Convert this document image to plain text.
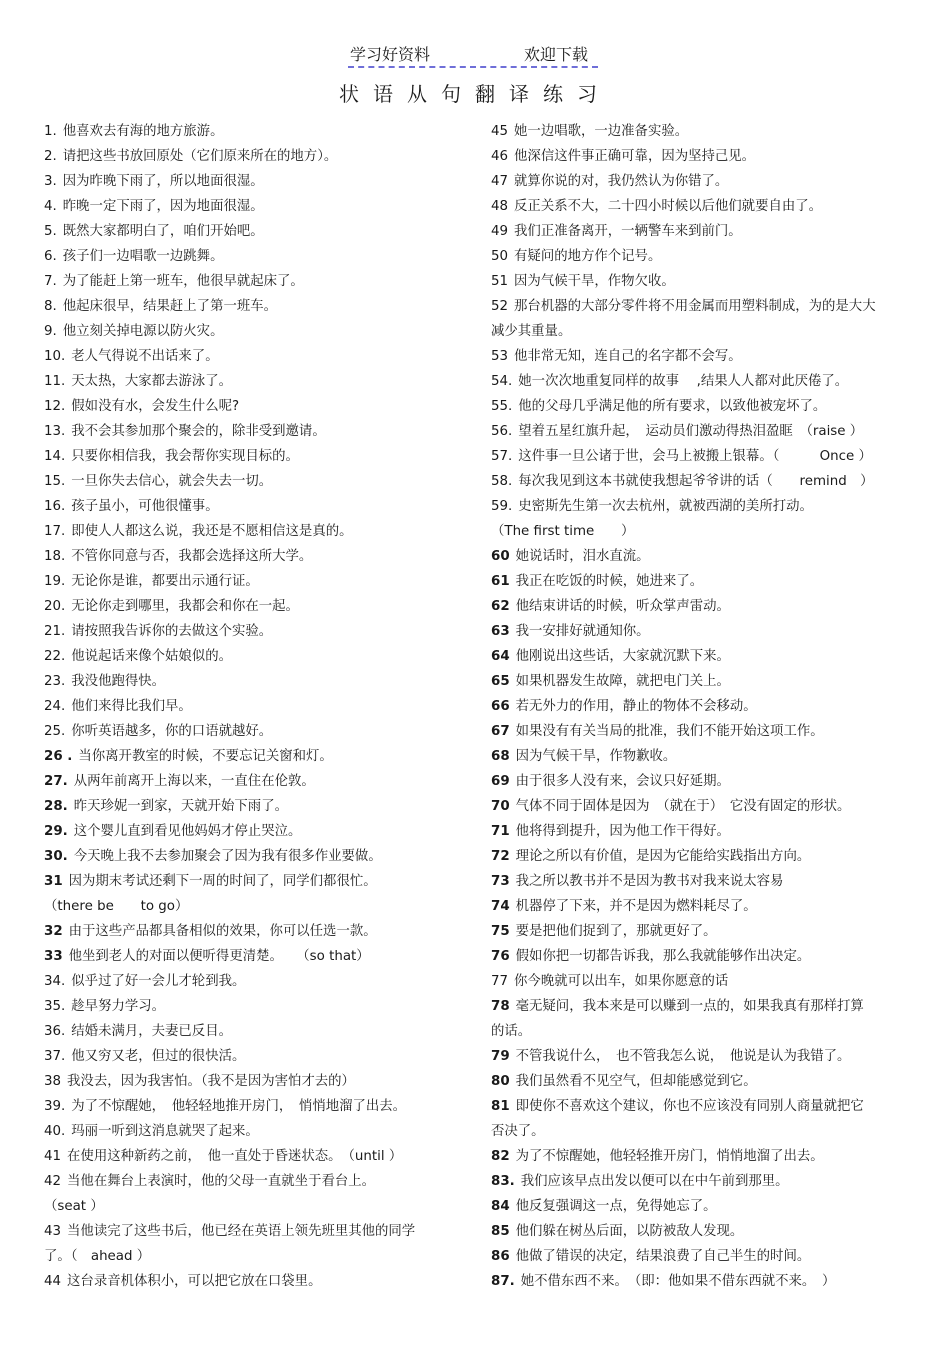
学习好资料	欢迎下载
状语从句翻译练习
1. 他喜欢去有海的地方旅游。
2. 请把这些书放回原处（它们原来所在的地方）。
3. 因为昨晚下雨了，所以地面很湿。
4. 昨晚一定下雨了，因为地面很湿。
5. 既然大家都明白了，咱们开始吧。
6. 孩子们一边唱歌一边跳舞。
7. 为了能赶上第一班车，他很早就起床了。
8. 他起床很早，结果赶上了第一班车。
9. 他立刻关掉电源以防火灾。
10. 老人气得说不出话来了。
11. 天太热，大家都去游泳了。
12. 假如没有水，会发生什么呢?
13. 我不会其参加那个聚会的，除非受到邀请。
14. 只要你相信我，我会帮你实现目标的。
15. 一旦你失去信心，就会失去一切。
16. 孩子虽小，可他很懂事。
17. 即使人人都这么说，我还是不愿相信这是真的。
18. 不管你同意与否，我都会选择这所大学。
19. 无论你是谁，都要出示通行证。
20. 无论你走到哪里，我都会和你在一起。
21. 请按照我告诉你的去做这个实验。
22. 他说起话来像个姑娘似的。
23. 我没他跑得快。
24. 他们来得比我们早。
25. 你听英语越多，你的口语就越好。
26 . 当你离开教室的时候，不要忘记关窗和灯。
27. 从两年前离开上海以来，一直住在伦敦。
28. 昨天珍妮一到家，天就开始下雨了。
29. 这个婴儿直到看见他妈妈才停止哭泣。
30. 今天晚上我不去参加聚会了因为我有很多作业要做。
31 因为期末考试还剩下一周的时间了，同学们都很忙。
（there be　　to go）
32 由于这些产品都具备相似的效果，你可以任选一款。
33 他坐到老人的对面以便听得更清楚。　　（so that）
34. 似乎过了好一会儿才轮到我。
35. 趁早努力学习。
36. 结婚未满月，夫妻已反目。
37. 他又穷又老，但过的很快活。
38 我没去，因为我害怕。（我不是因为害怕才去的）
39. 为了不惊醒她，　他轻轻地推开房门，　悄悄地溜了出去。
40. 玛丽一听到这消息就哭了起来。
41 在使用这种新药之前，　他一直处于昏迷状态。　（until ）
42 当他在舞台上表演时，他的父母一直就坐于看台上。
（seat ）
43 当他读完了这些书后，他已经在英语上领先班里其他的同学了。（　ahead ）
44 这台录音机体积小，可以把它放在口袋里。
45 她一边唱歌，一边准备实验。
46 他深信这件事正确可靠，因为坚持己见。
47 就算你说的对，我仍然认为你错了。
48 反正关系不大，二十四小时候以后他们就要自由了。
49 我们正准备离开，一辆警车来到前门。
50 有疑问的地方作个记号。
51 因为气候干旱，作物欠收。
52 那台机器的大部分零件将不用金属而用塑料制成，为的是大大减少其重量。
53 他非常无知，连自己的名字都不会写。
54. 她一次次地重复同样的故事　 ,结果人人都对此厌倦了。
55. 他的父母几乎满足他的所有要求，以致他被宠坏了。
56. 望着五星红旗升起，　运动员们激动得热泪盈眶　（raise ）
57. 这件事一旦公诸于世，会马上被搬上银幕。（　　　Once ）
58. 每次我见到这本书就使我想起爷爷讲的话（　　remind　）
59. 史密斯先生第一次去杭州，就被西湖的美所打动。
（The first time　　）
60 她说话时，泪水直流。
61 我正在吃饭的时候，她进来了。
62 他结束讲话的时候，听众掌声雷动。
63 我一安排好就通知你。
64 他刚说出这些话，大家就沉默下来。
65 如果机器发生故障，就把电门关上。
66 若无外力的作用，静止的物体不会移动。
67 如果没有有关当局的批准，我们不能开始这项工作。
68 因为气候干旱，作物歉收。
69 由于很多人没有来，会议只好延期。
70 气体不同于固体是因为　（就在于）　它没有固定的形状。
71 他将得到提升，因为他工作干得好。
72 理论之所以有价值，是因为它能给实践指出方向。
73 我之所以教书并不是因为教书对我来说太容易
74 机器停了下来，并不是因为燃料耗尽了。
75 要是把他们捉到了，那就更好了。
76 假如你把一切都告诉我，那么我就能够作出决定。
77 你今晚就可以出车，如果你愿意的话
78 毫无疑问，我本来是可以赚到一点的，如果我真有那样打算的话。
79 不管我说什么，　也不管我怎么说，　他说是认为我错了。
80 我们虽然看不见空气，但却能感觉到它。
81 即使你不喜欢这个建议，你也不应该没有同别人商量就把它否决了。
82 为了不惊醒她，他轻轻推开房门，悄悄地溜了出去。
83. 我们应该早点出发以便可以在中午前到那里。
84 他反复强调这一点，免得她忘了。
85 他们躲在树丛后面，以防被敌人发现。
86 他做了错误的决定，结果浪费了自己半生的时间。
87. 她不借东西不来。　（即：他如果不借东西就不来。　）
